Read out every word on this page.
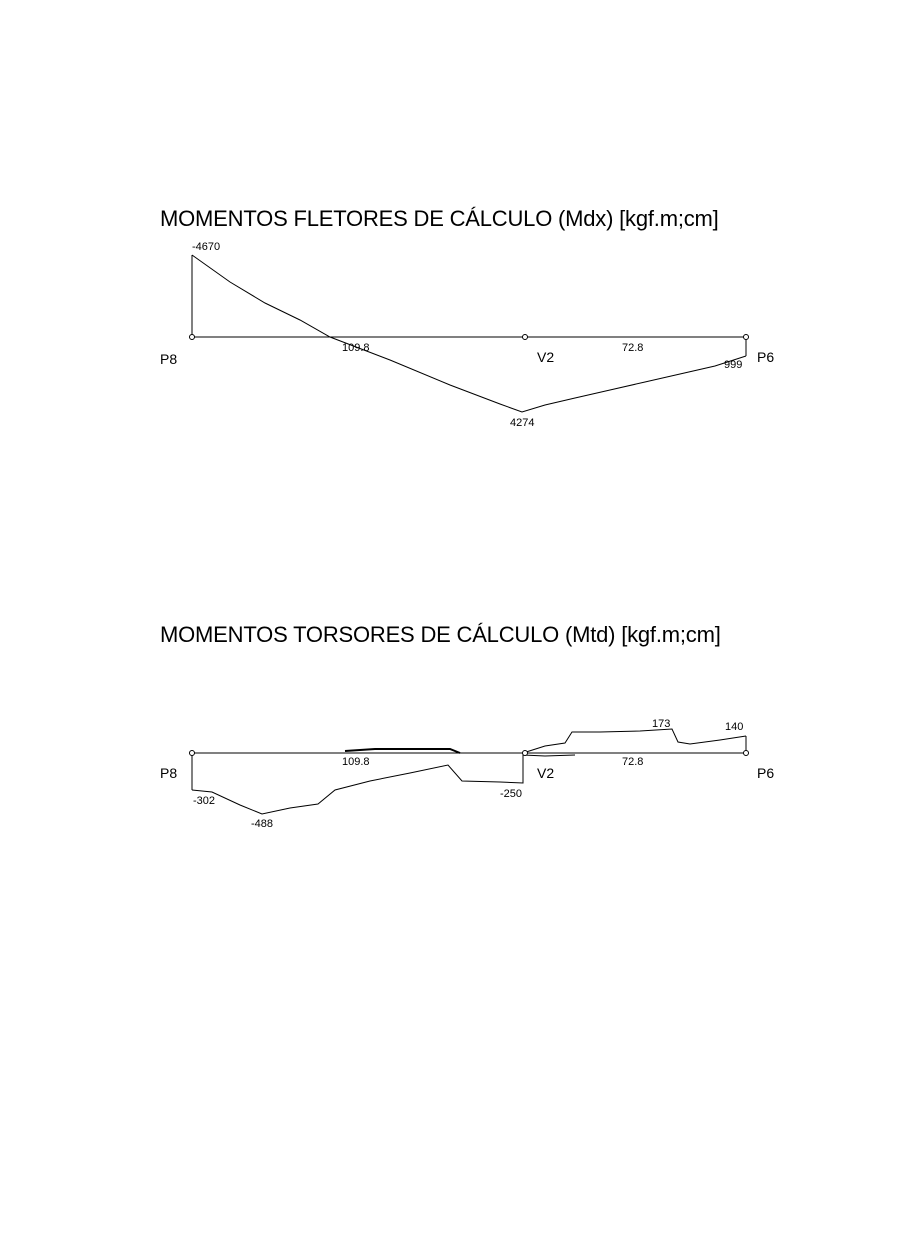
MOMENTOS FLETORES DE CÁLCULO (Mdx) [kgf.m;cm]
MOMENTOS TORSORES DE CÁLCULO (Mtd) [kgf.m;cm]
-4670
109.8	72.8
999
4274
P8	V2	P6
109.8	72.8
-302
-488
-250
173	140
P8	V2	P6
